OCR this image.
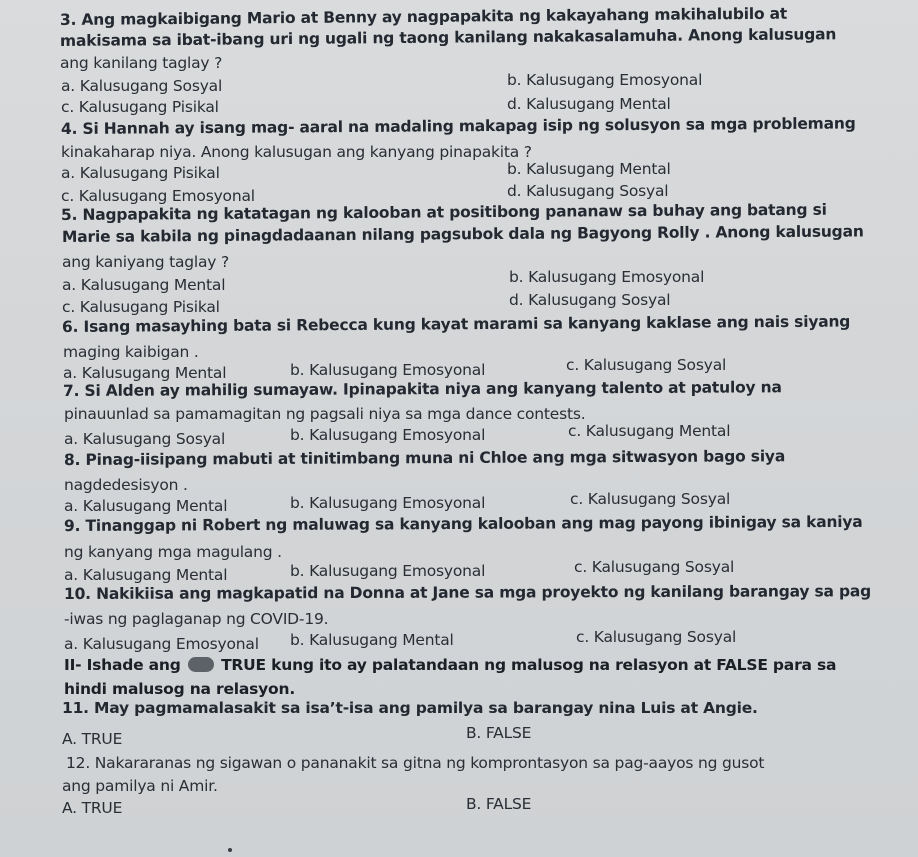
3. Ang magkaibigang Mario at Benny ay nagpapakita ng kakayahang makihalubilo at
makisama sa ibat-ibang uri ng ugali ng taong kanilang nakakasalamuha. Anong kalusugan
ang kanilang taglay ?
a. Kalusugang Sosyal	b. Kalusugang Emosyonal
c. Kalusugang Pisikal	d. Kalusugang Mental
4. Si Hannah ay isang mag- aaral na madaling makapag isip ng solusyon sa mga problemang
kinakaharap niya. Anong kalusugan ang kanyang pinapakita ?
a. Kalusugang Pisikal	b. Kalusugang Mental
c. Kalusugang Emosyonal	d. Kalusugang Sosyal
5. Nagpapakita ng katatagan ng kalooban at positibong pananaw sa buhay ang batang si
Marie sa kabila ng pinagdadaanan nilang pagsubok dala ng Bagyong Rolly . Anong kalusugan
ang kaniyang taglay ?
a. Kalusugang Mental	b. Kalusugang Emosyonal
c. Kalusugang Pisikal	d. Kalusugang Sosyal
6. Isang masayhing bata si Rebecca kung kayat marami sa kanyang kaklase ang nais siyang
maging kaibigan .
a. Kalusugang Mental	b. Kalusugang Emosyonal	c. Kalusugang Sosyal
7. Si Alden ay mahilig sumayaw. Ipinapakita niya ang kanyang talento at patuloy na
pinauunlad sa pamamagitan ng pagsali niya sa mga dance contests.
a. Kalusugang Sosyal	b. Kalusugang Emosyonal	c. Kalusugang Mental
8. Pinag-iisipang mabuti at tinitimbang muna ni Chloe ang mga sitwasyon bago siya
nagdedesisyon .
a. Kalusugang Mental	b. Kalusugang Emosyonal	c. Kalusugang Sosyal
9. Tinanggap ni Robert ng maluwag sa kanyang kalooban ang mag payong ibinigay sa kaniya
ng kanyang mga magulang .
a. Kalusugang Mental	b. Kalusugang Emosyonal	c. Kalusugang Sosyal
10. Nakikiisa ang magkapatid na Donna at Jane sa mga proyekto ng kanilang barangay sa pag
-iwas ng paglaganap ng COVID-19.
a. Kalusugang Emosyonal b. Kalusugang Mental	c. Kalusugang Sosyal
II- Ishade ang	TRUE kung ito ay palatandaan ng malusog na relasyon at FALSE para sa
hindi malusog na relasyon.
11. May pagmamalasakit sa isa’t-isa ang pamilya sa barangay nina Luis at Angie.
A. TRUE	B. FALSE
12. Nakararanas ng sigawan o pananakit sa gitna ng komprontasyon sa pag-aayos ng gusot
ang pamilya ni Amir.
A. TRUE	B. FALSE
